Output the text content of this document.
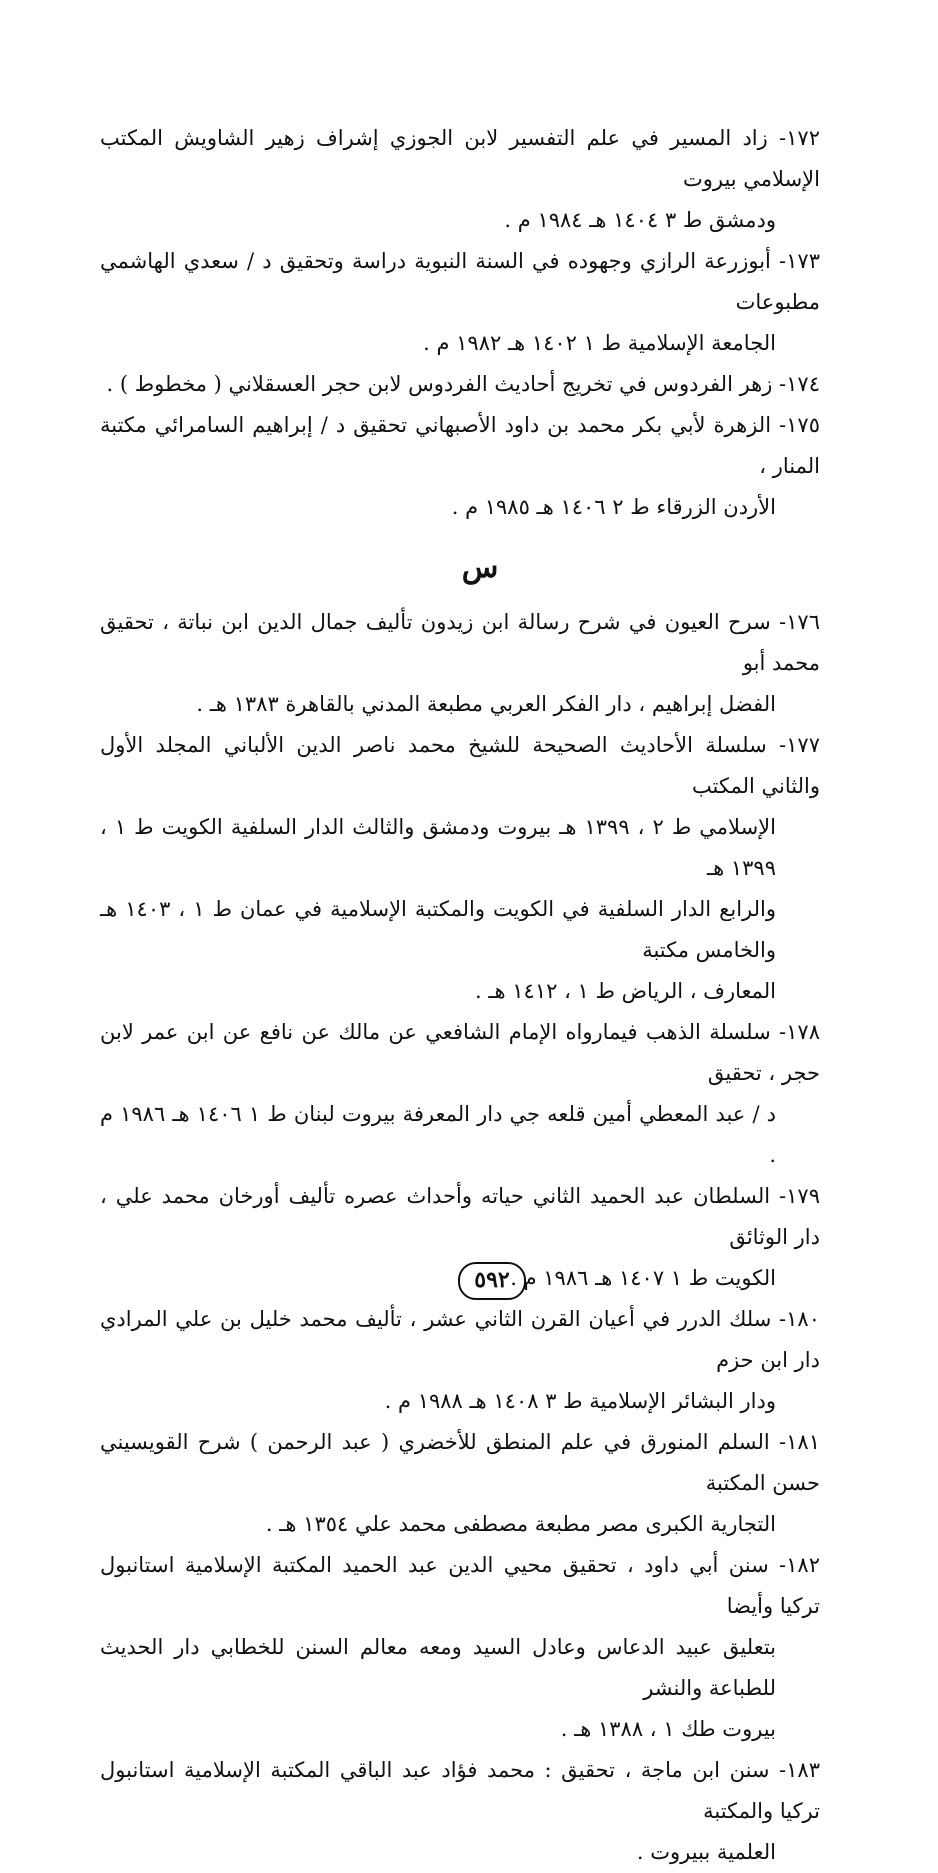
١٧٢- زاد المسير في علم التفسير لابن الجوزي إشراف زهير الشاويش المكتب الإسلامي بيروت
ودمشق ط ٣ ١٤٠٤ هـ ١٩٨٤ م .
١٧٣- أبوزرعة الرازي وجهوده في السنة النبوية دراسة وتحقيق د / سعدي الهاشمي مطبوعات
الجامعة الإسلامية ط ١ ١٤٠٢ هـ ١٩٨٢ م .
١٧٤- زهر الفردوس في تخريج أحاديث الفردوس لابن حجر العسقلاني ( مخطوط ) .
١٧٥- الزهرة لأبي بكر محمد بن داود الأصبهاني تحقيق د / إبراهيم السامرائي مكتبة المنار ،
الأردن الزرقاء ط ٢ ١٤٠٦ هـ ١٩٨٥ م .
س
١٧٦- سرح العيون في شرح رسالة ابن زيدون تأليف جمال الدين ابن نباتة ، تحقيق محمد أبو
الفضل إبراهيم ، دار الفكر العربي مطبعة المدني بالقاهرة ١٣٨٣ هـ .
١٧٧- سلسلة الأحاديث الصحيحة للشيخ محمد ناصر الدين الألباني المجلد الأول والثاني المكتب
الإسلامي ط ٢ ، ١٣٩٩ هـ بيروت ودمشق والثالث الدار السلفية الكويت ط ١ ، ١٣٩٩ هـ
والرابع الدار السلفية في الكويت والمكتبة الإسلامية في عمان ط ١ ، ١٤٠٣ هـ والخامس مكتبة
المعارف ، الرياض ط ١ ، ١٤١٢ هـ .
١٧٨- سلسلة الذهب فيمارواه الإمام الشافعي عن مالك عن نافع عن ابن عمر لابن حجر ، تحقيق
د / عبد المعطي أمين قلعه جي دار المعرفة بيروت لبنان ط ١ ١٤٠٦ هـ ١٩٨٦ م .
١٧٩- السلطان عبد الحميد الثاني حياته وأحداث عصره تأليف أورخان محمد علي ، دار الوثائق
الكويت ط ١ ١٤٠٧ هـ ١٩٨٦ م .
١٨٠- سلك الدرر في أعيان القرن الثاني عشر ، تأليف محمد خليل بن علي المرادي دار ابن حزم
ودار البشائر الإسلامية ط ٣ ١٤٠٨ هـ ١٩٨٨ م .
١٨١- السلم المنورق في علم المنطق للأخضري ( عبد الرحمن ) شرح القويسيني حسن المكتبة
التجارية الكبرى مصر مطبعة مصطفى محمد علي ١٣٥٤ هـ .
١٨٢- سنن أبي داود ، تحقيق محيي الدين عبد الحميد المكتبة الإسلامية استانبول تركيا وأيضا
بتعليق عبيد الدعاس وعادل السيد ومعه معالم السنن للخطابي دار الحديث للطباعة والنشر
بيروت طك ١ ، ١٣٨٨ هـ .
١٨٣- سنن ابن ماجة ، تحقيق : محمد فؤاد عبد الباقي المكتبة الإسلامية استانبول تركيا والمكتبة
العلمية ببيروت .
٥٩٢
